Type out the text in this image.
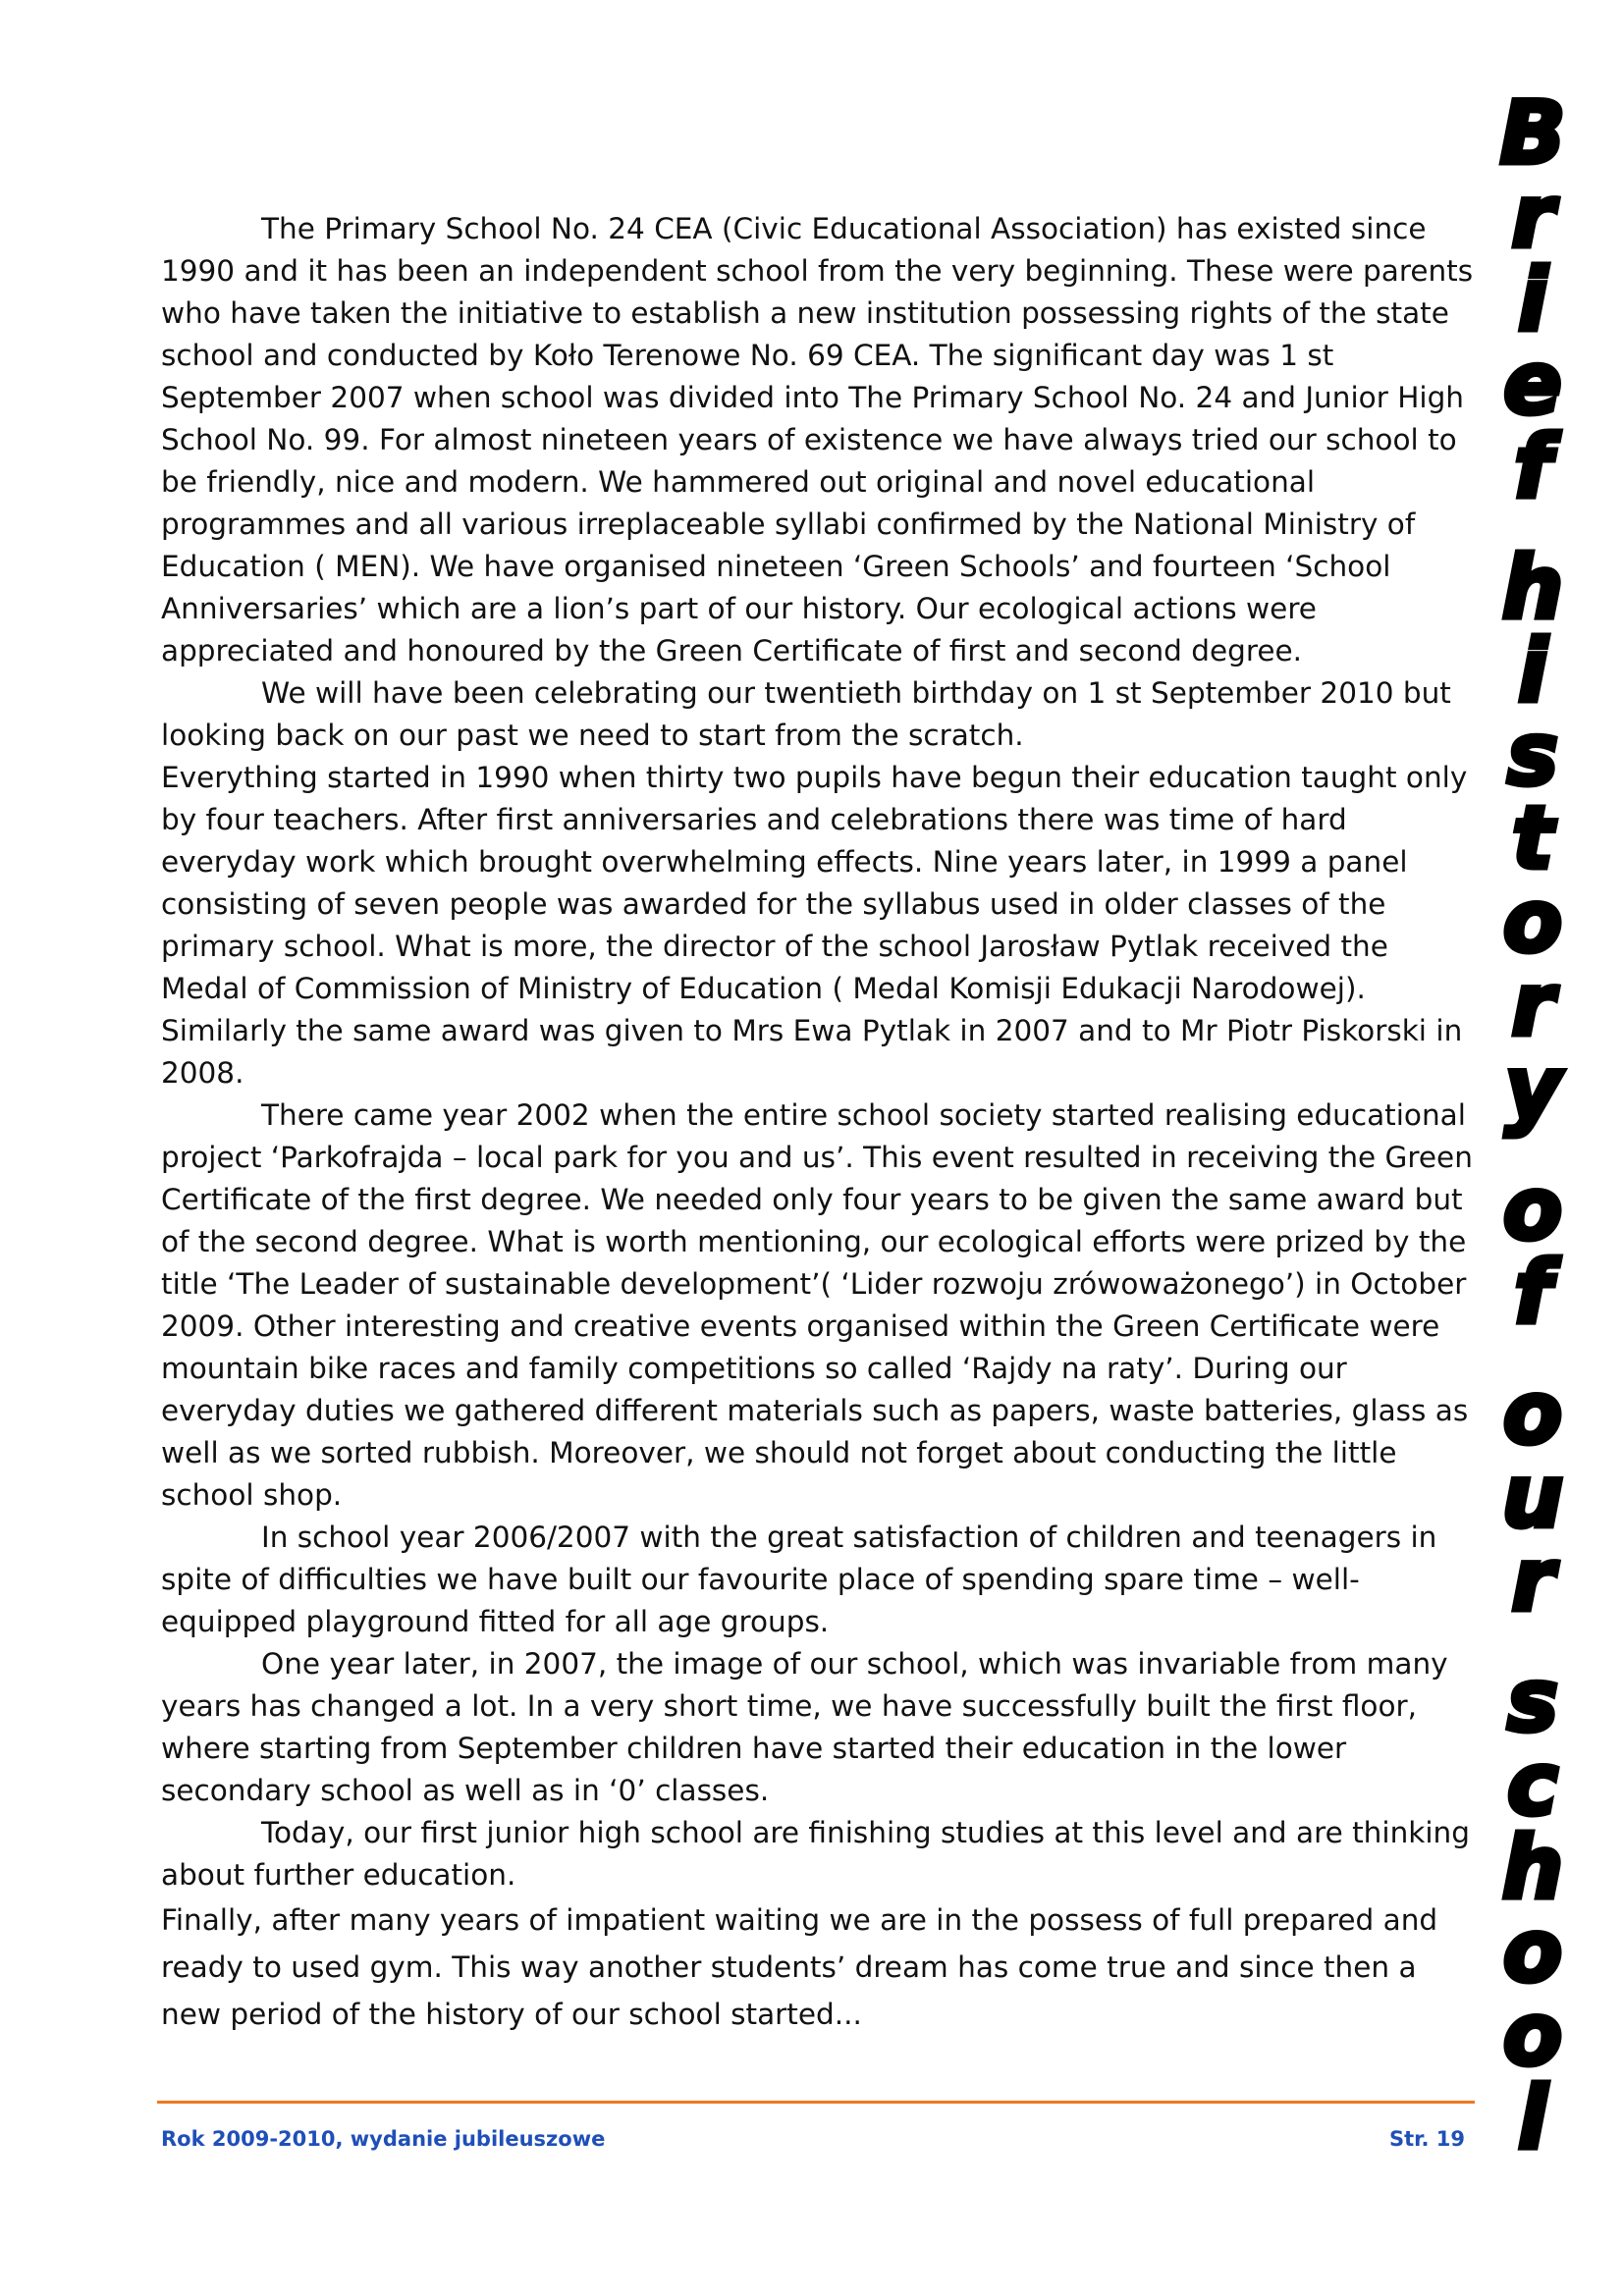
The Primary School No. 24 CEA (Civic Educational Association) has existed since 1990 and it has been an independent school from the very beginning. These were parents who have taken the initiative to establish a new institution possessing rights of the state school and conducted by Koło Terenowe No. 69 CEA. The significant day was 1 st September 2007 when school was divided into The Primary School No. 24 and Junior High School No. 99. For almost nineteen years of existence we have always tried our school to be friendly, nice and modern. We hammered out original and novel educational programmes and all various irreplaceable syllabi confirmed by the National Ministry of Education ( MEN). We have organised nineteen ‘Green Schools’ and fourteen ‘School Anniversaries’ which are a lion’s part of our history. Our ecological actions were appreciated and honoured by the Green Certificate of first and second degree.

We will have been celebrating our twentieth birthday on 1 st September 2010 but looking back on our past we need to start from the scratch.

Everything started in 1990 when thirty two pupils have begun their education taught only by four teachers. After first anniversaries and celebrations there was time of hard everyday work which brought overwhelming effects. Nine years later, in 1999 a panel consisting of seven people was awarded for the syllabus used in older classes of the primary school. What is more, the director of the school Jarosław Pytlak received the Medal of Commission of Ministry of Education ( Medal Komisji Edukacji Narodowej). Similarly the same award was given to Mrs Ewa Pytlak in 2007 and to Mr Piotr Piskorski in 2008.

There came year 2002 when the entire school society started realising educational project ‘Parkofrajda – local park for you and us’. This event resulted in receiving the Green Certificate of the first degree. We needed only four years to be given the same award but of the second degree. What is worth mentioning, our ecological efforts were prized by the title ‘The Leader of sustainable development’( ‘Lider rozwoju zrówoważonego’) in October 2009. Other interesting and creative events organised within the Green Certificate were mountain bike races and family competitions so called ‘Rajdy na raty’. During our everyday duties we gathered different materials such as papers, waste batteries, glass as well as we sorted rubbish. Moreover, we should not forget about conducting the little school shop.

In school year 2006/2007 with the great satisfaction of children and teenagers in spite of difficulties we have built our favourite place of spending spare time – well-equipped playground fitted for all age groups.

One year later, in 2007, the image of our school, which was invariable from many years has changed a lot. In a very short time, we have successfully built the first floor, where starting from September children have started their education in the lower secondary school as well as in ‘0’ classes.

Today, our first junior high school are finishing studies at this level and are thinking about further education.

Finally, after many years of impatient waiting we are in the possess of full prepared and ready to used gym. This way another students’ dream has come true and since then a new period of the history of our school started...

B
r
i
e
f
h
i
s
t
o
r
y
o
f
o
u
r
s
c
h
o
o
l
Rok 2009-2010, wydanie jubileuszowe	Str. 19
